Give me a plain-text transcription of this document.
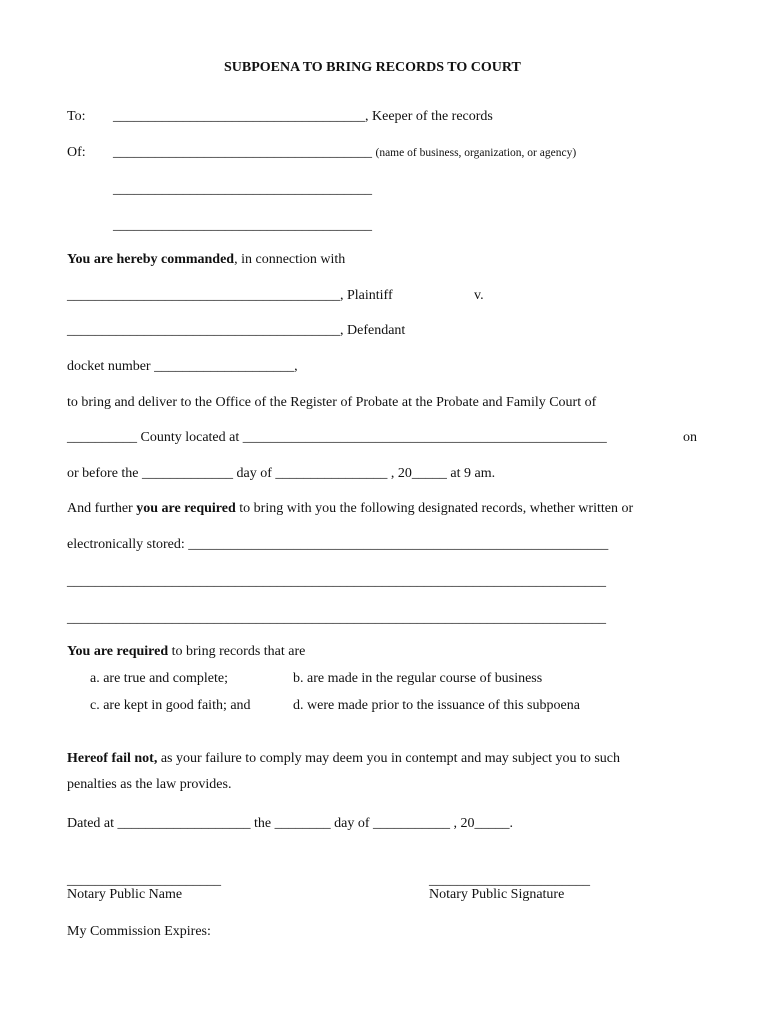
SUBPOENA TO BRING RECORDS TO COURT
To: ____________________________________, Keeper of the records
Of: _____________________________________ (name of business, organization, or agency)
_____________________________________
_____________________________________
You are hereby commanded, in connection with
_______________________________________, Plaintiff	v.
_______________________________________, Defendant
docket number ____________________,
to bring and deliver to the Office of the Register of Probate at the Probate and Family Court of
__________ County located at ____________________________________________________	on
or before the _____________ day of ________________ , 20_____ at 9 am.
And further you are required to bring with you the following designated records, whether written or
electronically stored: ____________________________________________________________
_____________________________________________________________________________
_____________________________________________________________________________
You are required to bring records that are
a. are true and complete;	b. are made in the regular course of business
c. are kept in good faith; and	d. were made prior to the issuance of this subpoena
Hereof fail not, as your failure to comply may deem you in contempt and may subject you to such
penalties as the law provides.
Dated at ___________________ the ________ day of ___________ , 20_____.
______________________
Notary Public Name
_______________________
Notary Public Signature
My Commission Expires:
